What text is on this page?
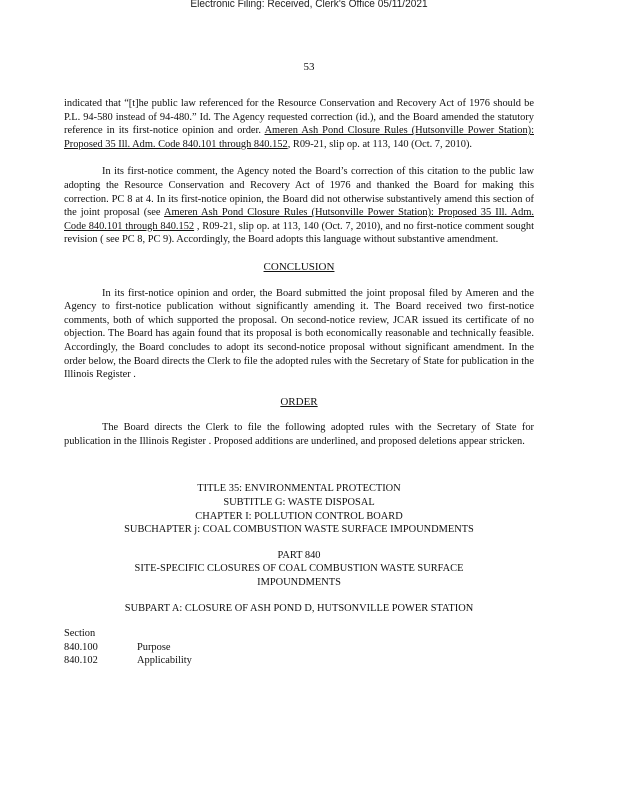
Electronic Filing: Received, Clerk's Office 05/11/2021
53

indicated that “[t]he public law referenced for the Resource Conservation and Recovery Act of 1976 should be P.L. 94-580 instead of 94-480.” Id. The Agency requested correction (id.), and the Board amended the statutory reference in its first-notice opinion and order. Ameren Ash Pond Closure Rules (Hutsonville Power Station): Proposed 35 Ill. Adm. Code 840.101 through 840.152, R09-21, slip op. at 113, 140 (Oct. 7, 2010).

In its first-notice comment, the Agency noted the Board’s correction of this citation to the public law adopting the Resource Conservation and Recovery Act of 1976 and thanked the Board for making this correction. PC 8 at 4. In its first-notice opinion, the Board did not otherwise substantively amend this section of the joint proposal (see Ameren Ash Pond Closure Rules (Hutsonville Power Station): Proposed 35 Ill. Adm. Code 840.101 through 840.152 , R09-21, slip op. at 113, 140 (Oct. 7, 2010), and no first-notice comment sought revision ( see PC 8, PC 9). Accordingly, the Board adopts this language without substantive amendment.

CONCLUSION

In its first-notice opinion and order, the Board submitted the joint proposal filed by Ameren and the Agency to first-notice publication without significantly amending it. The Board received two first-notice comments, both of which supported the proposal. On second-notice review, JCAR issued its certificate of no objection. The Board has again found that its proposal is both economically reasonable and technically feasible. Accordingly, the Board concludes to adopt its second-notice proposal without significant amendment. In the order below, the Board directs the Clerk to file the adopted rules with the Secretary of State for publication in the Illinois Register .

ORDER

The Board directs the Clerk to file the following adopted rules with the Secretary of State for publication in the Illinois Register . Proposed additions are underlined, and proposed deletions appear stricken.

TITLE 35: ENVIRONMENTAL PROTECTION
SUBTITLE G: WASTE DISPOSAL
CHAPTER I: POLLUTION CONTROL BOARD
SUBCHAPTER j: COAL COMBUSTION WASTE SURFACE IMPOUNDMENTS
PART 840
SITE-SPECIFIC CLOSURES OF COAL COMBUSTION WASTE SURFACE
IMPOUNDMENTS
SUBPART A: CLOSURE OF ASH POND D, HUTSONVILLE POWER STATION
Section
840.100	Purpose
840.102	Applicability
